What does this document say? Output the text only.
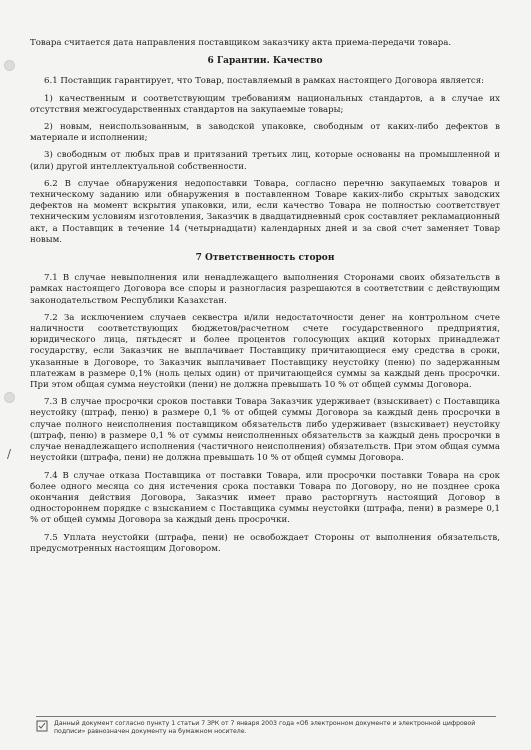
/

Товара считается дата направления поставщиком заказчику акта приема-передачи товара.

6 Гарантии. Качество

6.1 Поставщик гарантирует, что Товар, поставляемый в рамках настоящего Договора является:

1) качественным и соответствующим требованиям национальных стандартов, а в случае их отсутствия межгосударственных стандартов на закупаемые товары;

2) новым, неиспользованным, в заводской упаковке, свободным от каких-либо дефектов в материале и исполнении;

3) свободным от любых прав и притязаний третьих лиц, которые основаны на промышленной и (или) другой интеллектуальной собственности.

6.2 В случае обнаружения недопоставки Товара, согласно перечню закупаемых товаров и техническому заданию или обнаружения в поставленном Товаре каких-либо скрытых заводских дефектов на момент вскрытия упаковки, или, если качество Товара не полностью соответствует техническим условиям изготовления, Заказчик в двадцатидневный срок составляет рекламационный акт, а Поставщик в течение 14 (четырнадцати) календарных дней и за свой счет заменяет Товар новым.

7 Ответственность сторон

7.1 В случае невыполнения или ненадлежащего выполнения Сторонами своих обязательств в рамках настоящего Договора все споры и разногласия разрешаются в соответствии с действующим законодательством Республики Казахстан.

7.2 За исключением случаев секвестра и/или недостаточности денег на контрольном счете наличности соответствующих бюджетов/расчетном счете государственного предприятия, юридического лица, пятьдесят и более процентов голосующих акций которых принадлежат государству, если Заказчик не выплачивает Поставщику причитающиеся ему средства в сроки, указанные в Договоре, то Заказчик выплачивает Поставщику неустойку (пеню) по задержанным платежам в размере 0,1% (ноль целых один) от причитающейся суммы за каждый день просрочки. При этом общая сумма неустойки (пени) не должна превышать 10 % от общей суммы Договора.

7.3 В случае просрочки сроков поставки Товара Заказчик удерживает (взыскивает) с Поставщика неустойку (штраф, пеню) в размере 0,1 % от общей суммы Договора за каждый день просрочки в случае полного неисполнения поставщиком обязательств либо удерживает (взыскивает) неустойку (штраф, пеню) в размере 0,1 % от суммы неисполненных обязательств за каждый день просрочки в случае ненадлежащего исполнения (частичного неисполнения) обязательств. При этом общая сумма неустойки (штрафа, пени) не должна превышать 10 % от общей суммы Договора.

7.4 В случае отказа Поставщика от поставки Товара, или просрочки поставки Товара на срок более одного месяца со дня истечения срока поставки Товара по Договору, но не позднее срока окончания действия Договора, Заказчик имеет право расторгнуть настоящий Договор в одностороннем порядке с взысканием с Поставщика суммы неустойки (штрафа, пени) в размере 0,1 % от общей суммы Договора за каждый день просрочки.

7.5 Уплата неустойки (штрафа, пени) не освобождает Стороны от выполнения обязательств, предусмотренных настоящим Договором.

Данный документ согласно пункту 1 статьи 7 ЗРК от 7 января 2003 года «Об электронном документе и электронной цифровой подписи» равнозначен документу на бумажном носителе.
